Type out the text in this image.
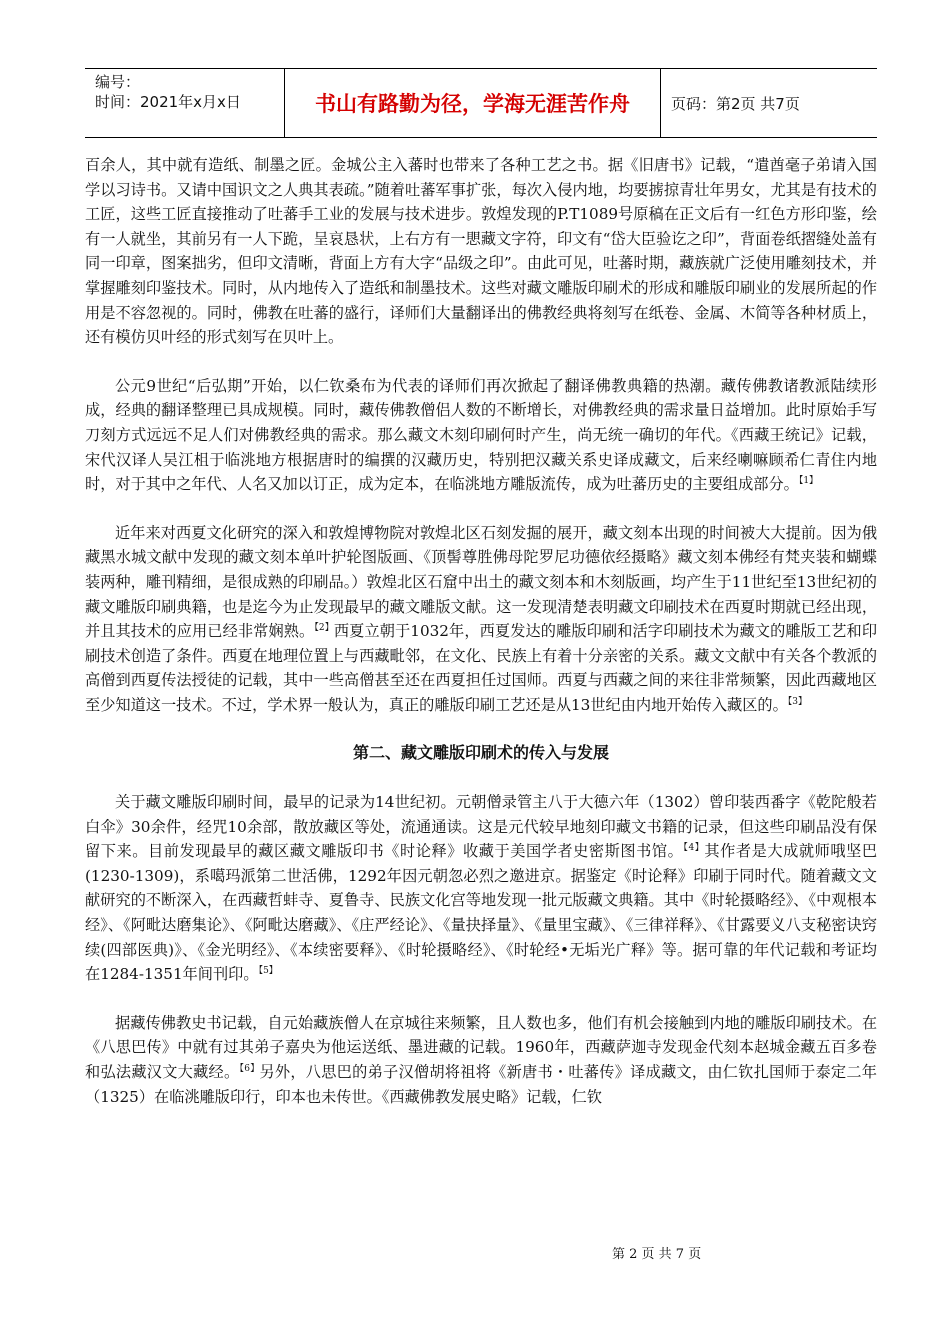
编号：
时间：2021年x月x日	书山有路勤为径，学海无涯苦作舟	页码：第2页 共7页

百余人，其中就有造纸、制墨之匠。金城公主入蕃时也带来了各种工艺之书。据《旧唐书》记载，“遣酋毫子弟请入国学以习诗书。又请中国识文之人典其表疏。”随着吐蕃军事扩张，每次入侵内地，均要掳掠青壮年男女，尤其是有技术的工匠，这些工匠直接推动了吐蕃手工业的发展与技术进步。敦煌发现的P.T1089号原稿在正文后有一红色方形印鉴，绘有一人就坐，其前另有一人下跪，呈哀恳状，上右方有一愳藏文字符，印文有“岱大臣验讫之印”，背面卷纸摺缝处盖有同一印章，图案拙劣，但印文清晰，背面上方有大字“品级之印”。由此可见，吐蕃时期，藏族就广泛使用雕刻技术，并掌握雕刻印鉴技术。同时，从内地传入了造纸和制墨技术。这些对藏文雕版印刷术的形成和雕版印刷业的发展所起的作用是不容忽视的。同时，佛教在吐蕃的盛行，译师们大量翻译出的佛教经典将刻写在纸卷、金属、木简等各种材质上，还有模仿贝叶经的形式刻写在贝叶上。

公元9世纪“后弘期”开始，以仁钦桑布为代表的译师们再次掀起了翻译佛教典籍的热潮。藏传佛教诸教派陆续形成，经典的翻译整理已具成规模。同时，藏传佛教僧侣人数的不断增长，对佛教经典的需求量日益增加。此时原始手写刀刻方式远远不足人们对佛教经典的需求。那么藏文木刻印刷何时产生，尚无统一确切的年代。《西藏王统记》记载，宋代汉译人吴江柤于临洮地方根据唐时的编撰的汉藏历史，特别把汉藏关系史译成藏文，后来经喇嘛顾希仁青住内地时，对于其中之年代、人名又加以订正，成为定本，在临洮地方雕版流传，成为吐蕃历史的主要组成部分。$^{【1】}$

近年来对西夏文化研究的深入和敦煌博物院对敦煌北区石刻发掘的展开，藏文刻本出现的时间被大大提前。因为俄藏黑水城文献中发现的藏文刻本单叶护轮图版画、《顶髻尊胜佛母陀罗尼功德依经摄略》藏文刻本佛经有梵夹装和蝴蝶装两种，雕刊精细，是很成熟的印刷品。）敦煌北区石窟中出土的藏文刻本和木刻版画，均产生于11世纪至13世纪初的藏文雕版印刷典籍，也是迄今为止发现最早的藏文雕版文献。这一发现清楚表明藏文印刷技术在西夏时期就已经出现，并且其技术的应用已经非常娴熟。$^{【2】}$西夏立朝于1032年，西夏发达的雕版印刷和活字印刷技术为藏文的雕版工艺和印刷技术创造了条件。西夏在地理位置上与西藏毗邻，在文化、民族上有着十分亲密的关系。藏文文献中有关各个教派的高僧到西夏传法授徒的记载，其中一些高僧甚至还在西夏担任过国师。西夏与西藏之间的来往非常频繁，因此西藏地区至少知道这一技术。不过，学术界一般认为，真正的雕版印刷工艺还是从13世纪由内地开始传入藏区的。$^{【3】}$

第二、藏文雕版印刷术的传入与发展

关于藏文雕版印刷时间，最早的记录为14世纪初。元朝僧录管主八于大德六年（1302）曾印装西番字《乾陀般若白伞》30余件，经咒10余部，散放藏区等处，流通通读。这是元代较早地刻印藏文书籍的记录，但这些印刷品没有保留下来。目前发现最早的藏区藏文雕版印书《时论释》收藏于美国学者史密斯图书馆。$^{【4】}$其作者是大成就师哦坚巴(1230-1309)，系噶玛派第二世活佛，1292年因元朝忽必烈之邀进京。据鉴定《时论释》印刷于同时代。随着藏文文献研究的不断深入，在西藏哲蚌寺、夏鲁寺、民族文化宫等地发现一批元版藏文典籍。其中《时轮摄略经》、《中观根本经》、《阿毗达磨集论》、《阿毗达磨藏》、《庄严经论》、《量抉择量》、《量里宝藏》、《三律祥释》、《甘露要义八支秘密诀窍续(四部医典)》、《金光明经》、《本续密要释》、《时轮摄略经》、《时轮经•无垢光广释》等。据可靠的年代记载和考证均在1284-1351年间刊印。$^{【5】}$

据藏传佛教史书记载，自元始藏族僧人在京城往来频繁，且人数也多，他们有机会接触到内地的雕版印刷技术。在《八思巴传》中就有过其弟子嘉央为他运送纸、墨进藏的记载。1960年，西藏萨迦寺发现金代刻本赵城金藏五百多卷和弘法藏汉文大藏经。$^{【6】}$另外，八思巴的弟子汉僧胡将祖将《新唐书・吐蕃传》译成藏文，由仁钦扎国师于泰定二年（1325）在临洮雕版印行，印本也未传世。《西藏佛教发展史略》记载，仁钦

第 2 页 共 7 页
